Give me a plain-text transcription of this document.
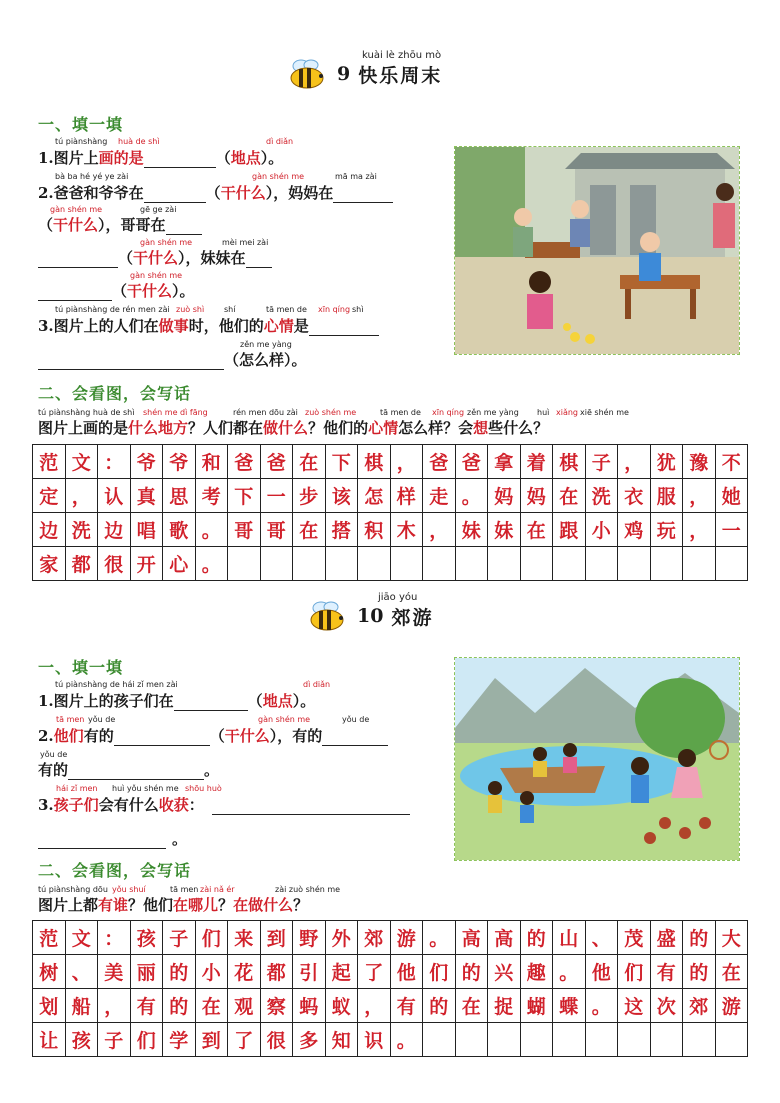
kuài lè zhōu mò
9 快乐周末
一、填一填
tú piànshàng huà de shì	dì diǎn
1.图片上画的是	（地点）。
bà ba hé yé ye zài	gàn shén me	mā ma zài
2.爸爸和爷爷在	（干什么），妈妈在
gàn shén me	gē ge zài
（干什么），哥哥在
gàn shén me	mèi mei zài
（干什么），妹妹在
gàn shén me
（干什么）。
tú piànshàng de rén men zài zuò shì shí	tā men de xīn qíng shì
3.图片上的人们在做事时，他们的心情是
zěn me yàng
（怎么样）。
二、会看图，会写话
tú piànshàng huà de shì shén me dì fāng	rén men dōu zài zuò shén me	tā men de xīn qíng zěn me yàng huì xiǎng xiē shén me
图片上画的是什么地方？人们都在做什么？他们的心情怎么样？会想些什么？
范	文	：	爷	爷	和	爸	爸	在	下	棋	，	爸	爸	拿	着	棋	子	，	犹	豫	不
定	，	认	真	思	考	下	一	步	该	怎	样	走	。	妈	妈	在	洗	衣	服	，	她
边	洗	边	唱	歌	。	哥	哥	在	搭	积	木	，	妹	妹	在	跟	小	鸡	玩	，	一
家	都	很	开	心	。																
jiāo yóu
10 郊游
一、填一填
tú piànshàng de hái zǐ men zài	dì diǎn
1.图片上的孩子们在	（地点）。
tā men yǒu de	gàn shén me	yǒu de
2.他们有的	（干什么），有的
yǒu de
有的	。
hái zǐ men huì yǒu shén me shōu huò
3.孩子们会有什么收获：
。
二、会看图，会写话
tú piànshàng dōu yǒu shuí	tā men zài nǎ ér	zài zuò shén me
图片上都有谁？他们在哪儿？在做什么？
范	文	：	孩	子	们	来	到	野	外	郊	游	。	高	高	的	山	、	茂	盛	的	大
树	、	美	丽	的	小	花	都	引	起	了	他	们	的	兴	趣	。	他	们	有	的	在
划	船	，	有	的	在	观	察	蚂	蚁	，	有	的	在	捉	蝴	蝶	。	这	次	郊	游
让	孩	子	们	学	到	了	很	多	知	识	。										
